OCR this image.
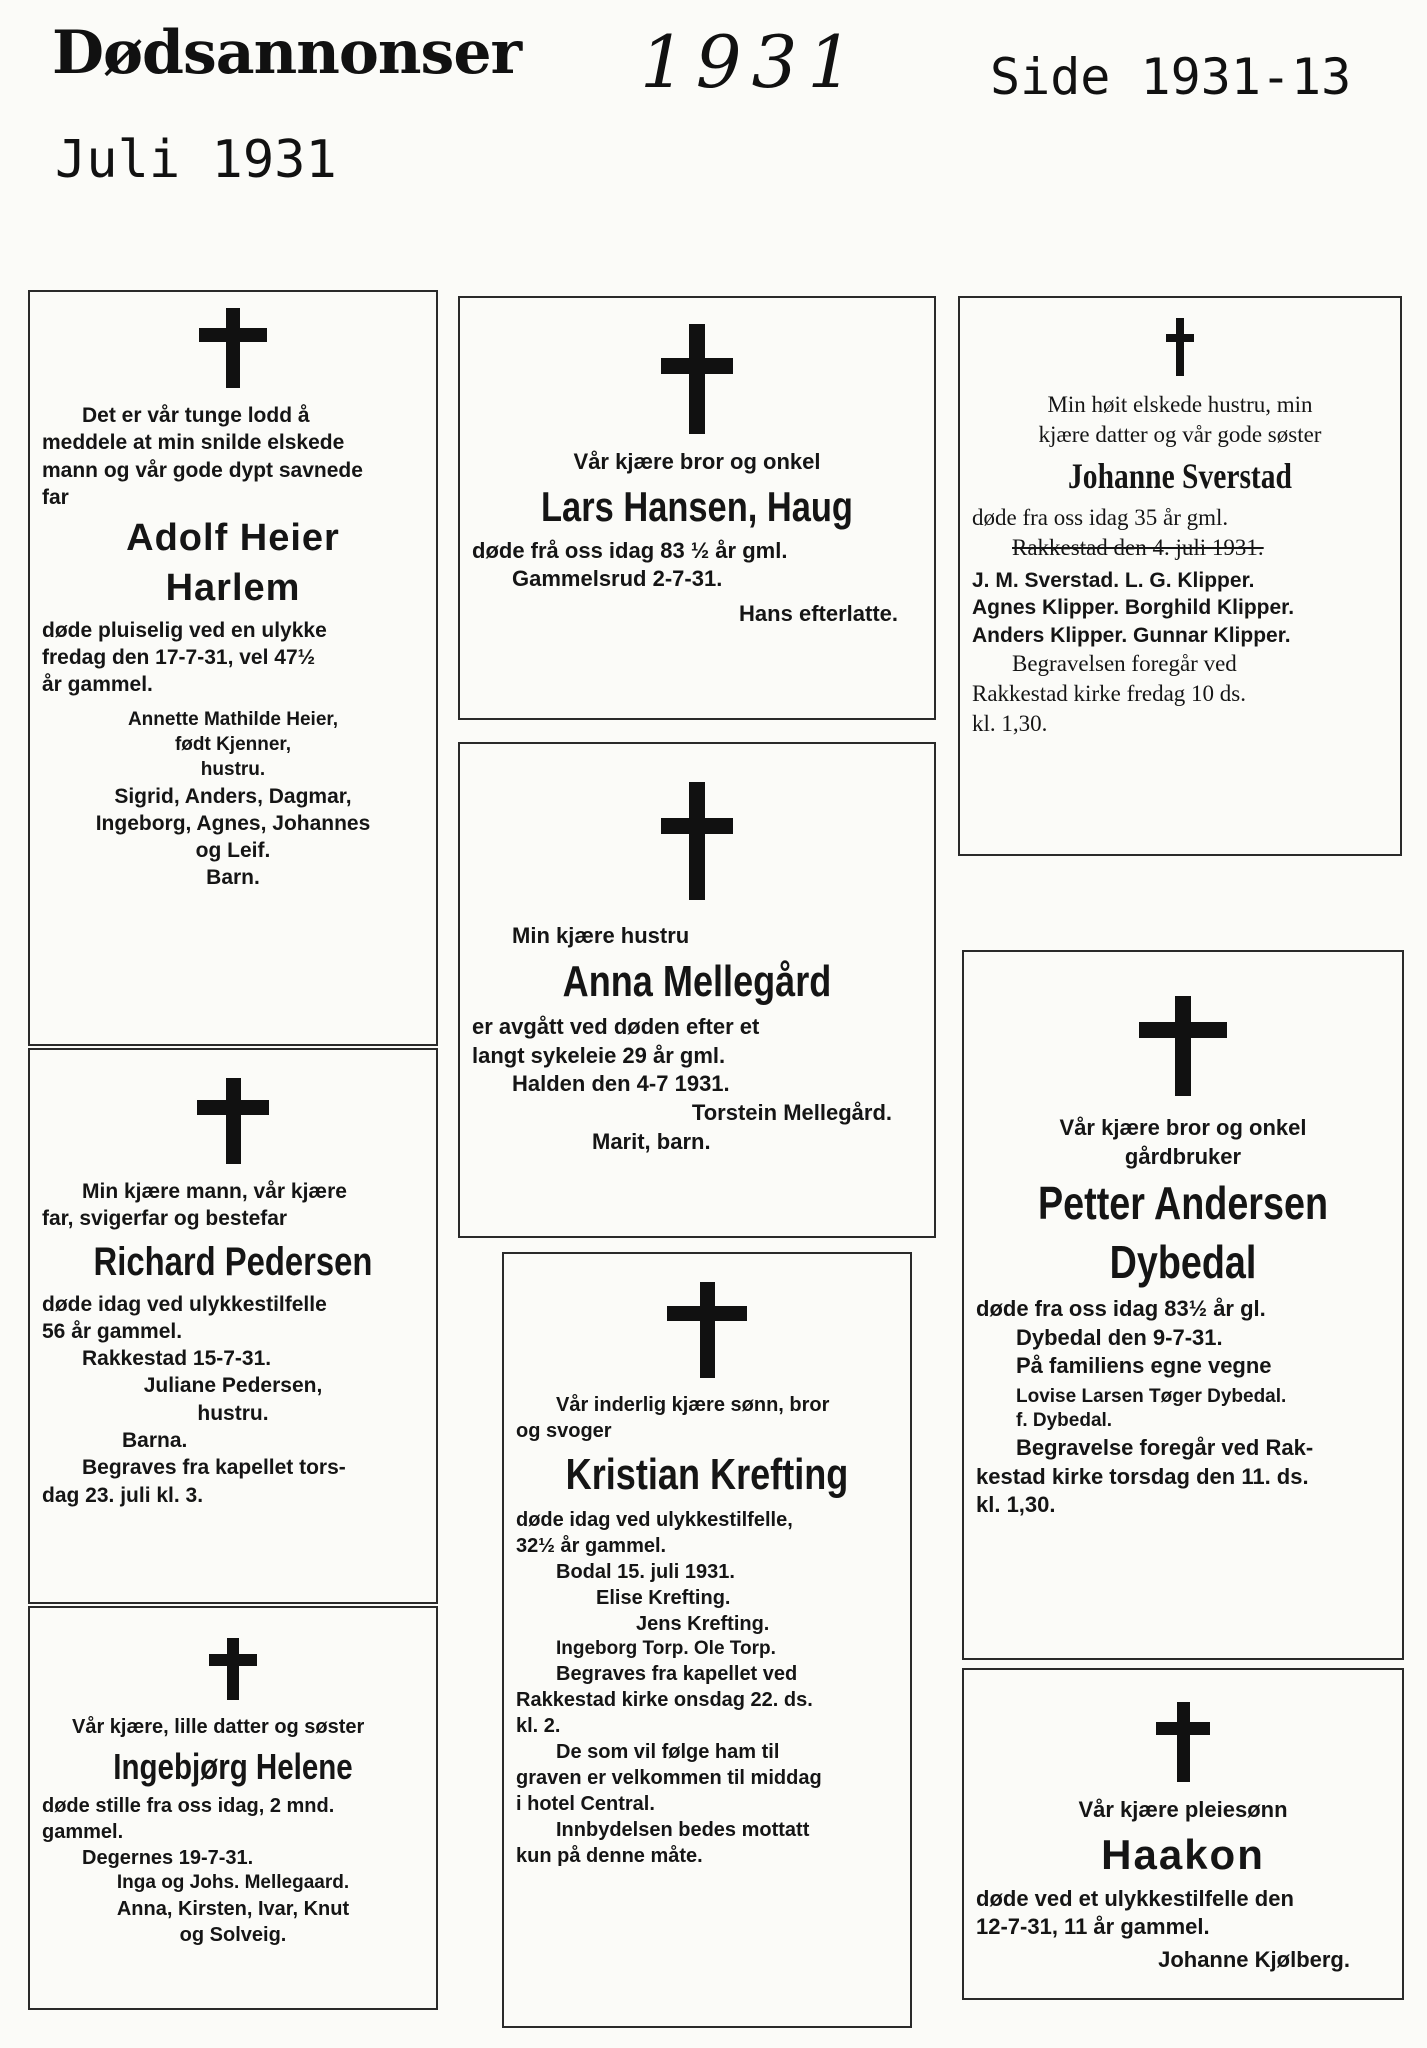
Dødsannonser 1931	Side 1931-13
Juli 1931
Det er vår tunge lodd å
meddele at min snilde elskede
mann og vår gode dypt savnede
far
Adolf Heier
Harlem
døde pluiselig ved en ulykke
fredag den 17-7-31, vel 47½
år gammel.
Annette Mathilde Heier,
født Kjenner,
hustru.
Sigrid, Anders, Dagmar,
Ingeborg, Agnes, Johannes
og Leif.
Barn.
Vår kjære bror og onkel
Lars Hansen, Haug
døde frå oss idag 83 ½ år gml.
Gammelsrud 2-7-31.
Hans efterlatte.
Min høit elskede hustru, min
kjære datter og vår gode søster
Johanne Sverstad
døde fra oss idag 35 år gml.
Rakkestad den 4. juli 1931.
J. M. Sverstad. L. G. Klipper.
Agnes Klipper. Borghild Klipper.
Anders Klipper. Gunnar Klipper.
Begravelsen foregår ved
Rakkestad kirke fredag 10 ds.
kl. 1,30.
Min kjære hustru
Anna Mellegård
er avgått ved døden efter et
langt sykeleie 29 år gml.
Halden den 4-7 1931.
Torstein Mellegård.
Marit, barn.
Vår kjære bror og onkel
gårdbruker
Petter Andersen
Dybedal
døde fra oss idag 83½ år gl.
Dybedal den 9-7-31.
På familiens egne vegne
Lovise Larsen Tøger Dybedal.
f. Dybedal.
Begravelse foregår ved Rak-
kestad kirke torsdag den 11. ds.
kl. 1,30.
Min kjære mann, vår kjære
far, svigerfar og bestefar
Richard Pedersen
døde idag ved ulykkestilfelle
56 år gammel.
Rakkestad 15-7-31.
Juliane Pedersen,
hustru.
Barna.
Begraves fra kapellet tors-
dag 23. juli kl. 3.
Vår inderlig kjære sønn, bror
og svoger
Kristian Krefting
døde idag ved ulykkestilfelle,
32½ år gammel.
Bodal 15. juli 1931.
Elise Krefting.
Jens Krefting.
Ingeborg Torp. Ole Torp.
Begraves fra kapellet ved
Rakkestad kirke onsdag 22. ds.
kl. 2.
De som vil følge ham til
graven er velkommen til middag
i hotel Central.
Innbydelsen bedes mottatt
kun på denne måte.
Vår kjære, lille datter og søster
Ingebjørg Helene
døde stille fra oss idag, 2 mnd.
gammel.
Degernes 19-7-31.
Inga og Johs. Mellegaard.
Anna, Kirsten, Ivar, Knut
og Solveig.
Vår kjære pleiesønn
Haakon
døde ved et ulykkestilfelle den
12-7-31, 11 år gammel.
Johanne Kjølberg.
